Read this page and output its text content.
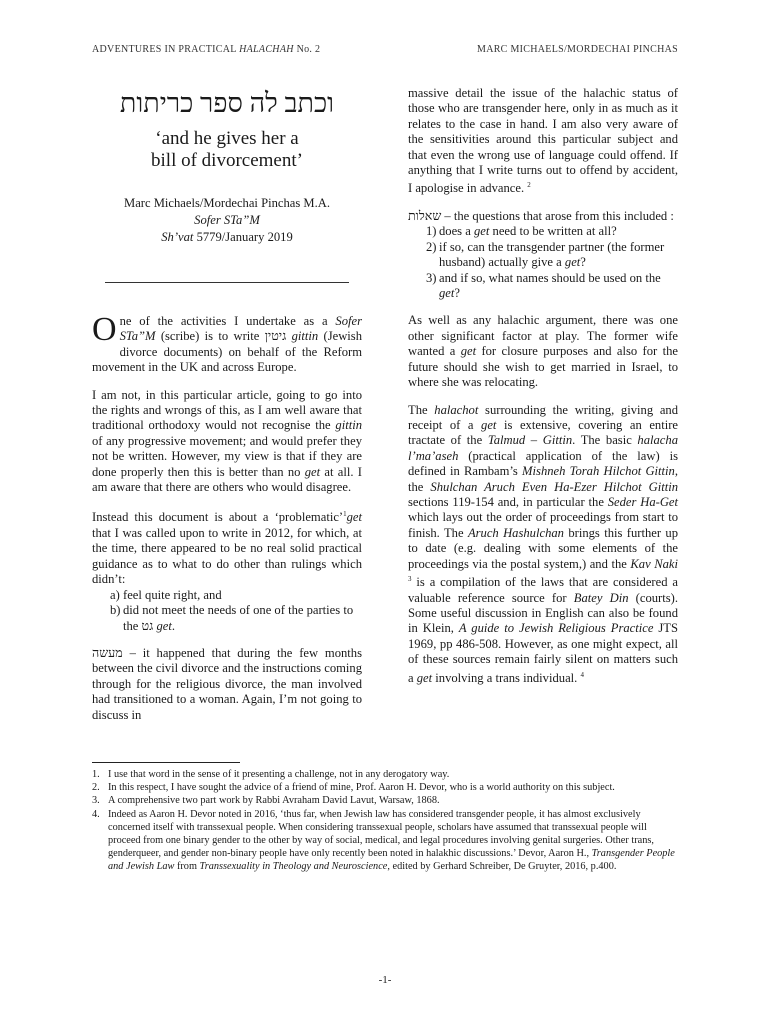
ADVENTURES IN PRACTICAL HALACHAH No. 2	MARC MICHAELS/MORDECHAI PINCHAS
וכתב לה ספר כריתות
‘and he gives her a
bill of divorcement’
Marc Michaels/Mordechai Pinchas M.A.
Sofer STa”M
Sh’vat 5779/January 2019

One of the activities I undertake as a Sofer STa”M (scribe) is to write גיטין gittin (Jewish divorce documents) on behalf of the Reform movement in the UK and across Europe.

I am not, in this particular article, going to go into the rights and wrongs of this, as I am well aware that traditional orthodoxy would not recognise the gittin of any progressive movement; and would prefer they not be written. However, my view is that if they are done properly then this is better than no get at all. I am aware that there are others who would disagree.

Instead this document is about a ‘problematic’$^1$get that I was called upon to write in 2012, for which, at the time, there appeared to be no real solid practical guidance as to what to do other than rulings which didn’t:

a) feel quite right, and
b) did not meet the needs of one of the parties to the גט get.

מעשה – it happened that during the few months between the civil divorce and the instructions coming through for the religious divorce, the man involved had transitioned to a woman. Again, I’m not going to discuss in

massive detail the issue of the halachic status of those who are transgender here, only in as much as it relates to the case in hand. I am also very aware of the sensitivities around this particular subject and that even the wrong use of language could offend. If anything that I write turns out to offend by accident, I apologise in advance. $^2$

שאלות – the questions that arose from this included :

1) does a get need to be written at all?
2) if so, can the transgender partner (the former husband) actually give a get?
3) and if so, what names should be used on the get?

As well as any halachic argument, there was one other significant factor at play. The former wife wanted a get for closure purposes and also for the future should she wish to get married in Israel, to where she was relocating.

The halachot surrounding the writing, giving and receipt of a get is extensive, covering an entire tractate of the Talmud – Gittin. The basic halacha l’ma’aseh (practical application of the law) is defined in Rambam’s Mishneh Torah Hilchot Gittin, the Shulchan Aruch Even Ha-Ezer Hilchot Gittin sections 119-154 and, in particular the Seder Ha-Get which lays out the order of proceedings from start to finish. The Aruch Hashulchan brings this further up to date (e.g. dealing with some elements of the proceedings via the postal system,) and the Kav Naki $^3$ is a compilation of the laws that are considered a valuable reference source for Batey Din (courts). Some useful discussion in English can also be found in Klein, A guide to Jewish Religious Practice JTS 1969, pp 486-508. However, as one might expect, all of these sources remain fairly silent on matters such a get involving a trans individual. $^4$

1. I use that word in the sense of it presenting a challenge, not in any derogatory way.
2. In this respect, I have sought the advice of a friend of mine, Prof. Aaron H. Devor, who is a world authority on this subject.
3. A comprehensive two part work by Rabbi Avraham David Lavut, Warsaw, 1868.
4. Indeed as Aaron H. Devor noted in 2016, ‘thus far, when Jewish law has considered transgender people, it has almost exclusively concerned itself with transsexual people. When considering transsexual people, scholars have assumed that transsexual people will proceed from one binary gender to the other by way of social, medical, and legal procedures involving genital surgeries. Other trans, genderqueer, and gender non-binary people have only recently been noted in halakhic discussions.’ Devor, Aaron H., Transgender People and Jewish Law from Transsexuality in Theology and Neuroscience, edited by Gerhard Schreiber, De Gruyter, 2016, p.400.
-1-
